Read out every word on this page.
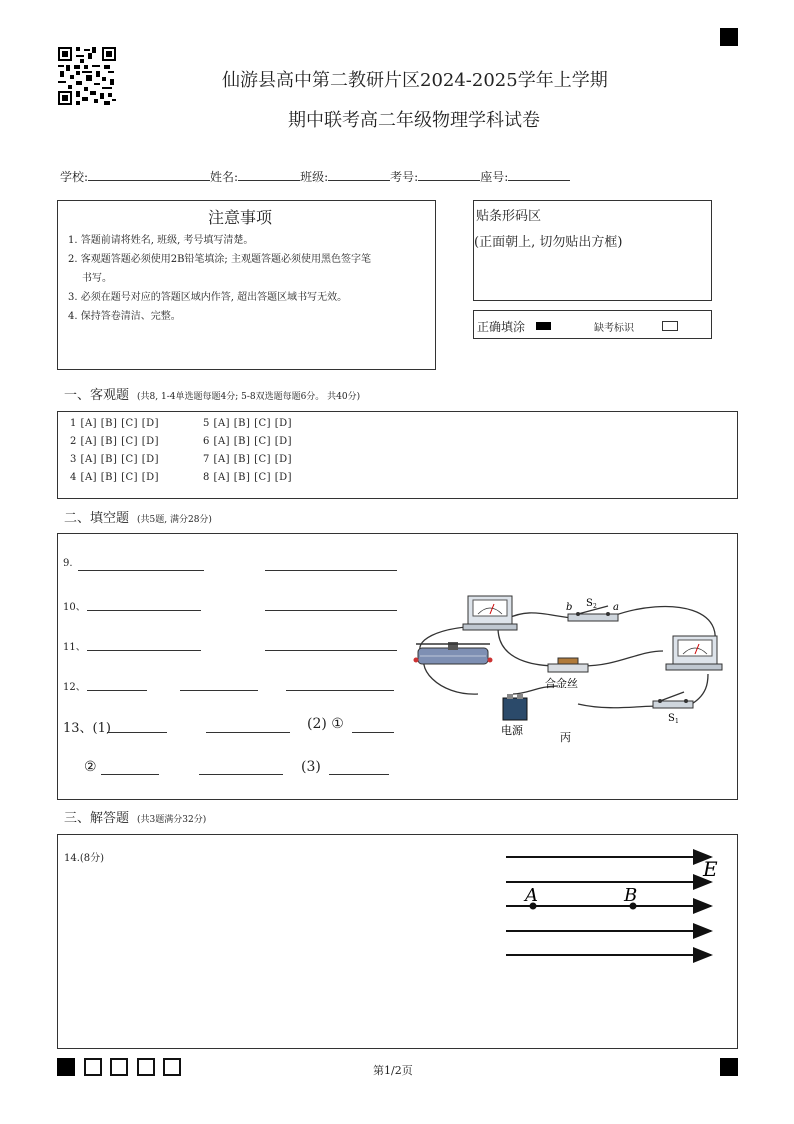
仙游县高中第二教研片区2024-2025学年上学期
期中联考高二年级物理学科试卷
学校:	姓名:	班级:	考号:	座号:
注意事项
1. 答题前请将姓名, 班级, 考号填写清楚。
2. 客观题答题必须使用2B铅笔填涂; 主观题答题必须使用黑色签字笔
书写。
3. 必须在题号对应的答题区域内作答, 超出答题区域书写无效。
4. 保持答卷清洁、完整。
贴条形码区
(正面朝上, 切勿贴出方框)
正确填涂	缺考标识
一、客观题 (共8, 1-4单选题每题4分; 5-8双选题每题6分。 共40分)
1 [A] [B] [C] [D]
2 [A] [B] [C] [D]
3 [A] [B] [C] [D]
4 [A] [B] [C] [D]
5 [A] [B] [C] [D]
6 [A] [B] [C] [D]
7 [A] [B] [C] [D]
8 [A] [B] [C] [D]
二、填空题 (共5题, 满分28分)
9.
10、
11、
12、
13、(1)	(2) ①
②	(3)
b S 2 a
合金丝
电源
S 1
丙
三、解答题 (共3题满分32分)
14.(8分)
A	B
E
第1/2页
